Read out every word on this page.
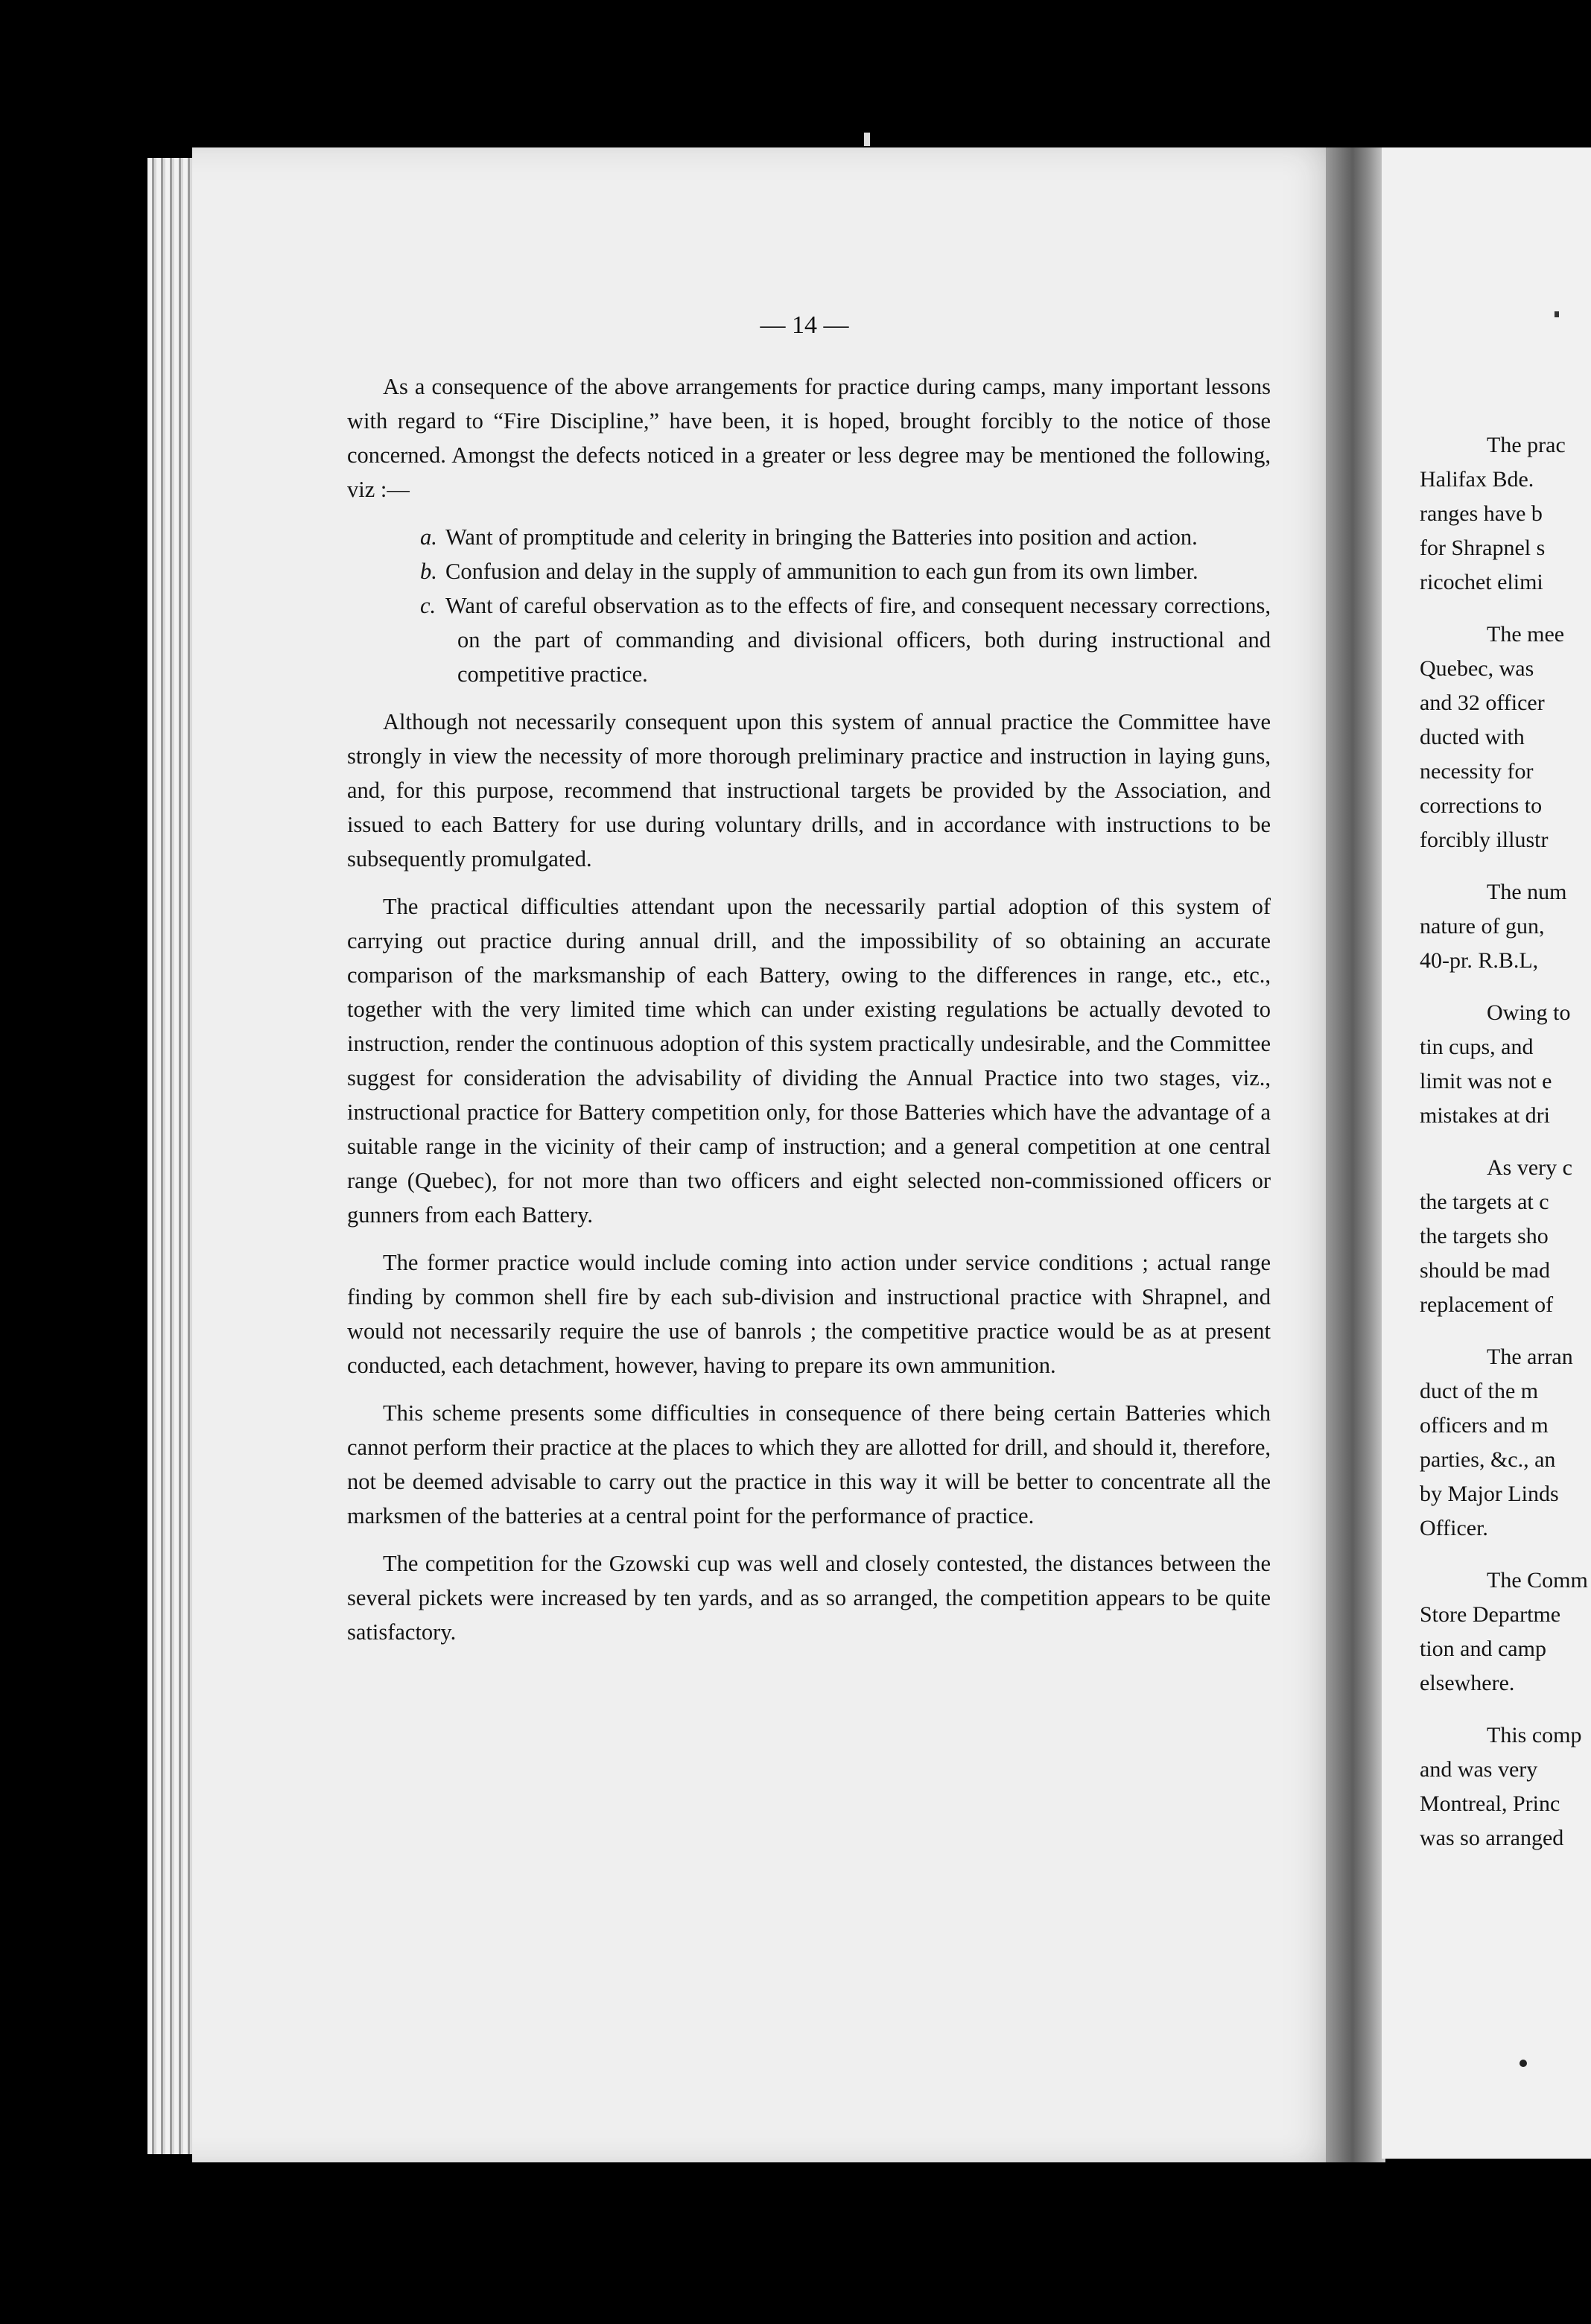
— 14 —

As a consequence of the above arrangements for practice during camps, many important lessons with regard to “Fire Discipline,” have been, it is hoped, brought forcibly to the notice of those concerned. Amongst the defects noticed in a greater or less degree may be mentioned the following, viz :—

a. Want of promptitude and celerity in bringing the Batteries into position and action.

b. Confusion and delay in the supply of ammunition to each gun from its own limber.

c. Want of careful observation as to the effects of fire, and consequent necessary corrections, on the part of commanding and divisional officers, both during instructional and competitive practice.

Although not necessarily consequent upon this system of annual practice the Committee have strongly in view the necessity of more thorough preliminary practice and instruction in laying guns, and, for this purpose, recommend that instructional targets be provided by the Association, and issued to each Battery for use during voluntary drills, and in accordance with instructions to be subsequently promulgated.

The practical difficulties attendant upon the necessarily partial adoption of this system of carrying out practice during annual drill, and the impossibility of so obtaining an accurate comparison of the marksmanship of each Battery, owing to the differences in range, etc., etc., together with the very limited time which can under existing regulations be actually devoted to instruction, render the continuous adoption of this system practically undesirable, and the Committee suggest for consideration the advisability of dividing the Annual Practice into two stages, viz., instructional practice for Battery competition only, for those Batteries which have the advantage of a suitable range in the vicinity of their camp of instruction; and a general competition at one central range (Quebec), for not more than two officers and eight selected non-commissioned officers or gunners from each Battery.

The former practice would include coming into action under service conditions ; actual range finding by common shell fire by each sub-division and instructional practice with Shrapnel, and would not necessarily require the use of banrols ; the competitive practice would be as at present conducted, each detachment, however, having to prepare its own ammunition.

This scheme presents some difficulties in consequence of there being certain Batteries which cannot perform their practice at the places to which they are allotted for drill, and should it, therefore, not be deemed advisable to carry out the practice in this way it will be better to concentrate all the marksmen of the batteries at a central point for the performance of practice.

The competition for the Gzowski cup was well and closely contested, the distances between the several pickets were increased by ten yards, and as so arranged, the competition appears to be quite satisfactory.

The prac
Halifax Bde.
ranges have b
for Shrapnel s
ricochet elimi
The mee
Quebec, was
and 32 officer
ducted with
necessity for
corrections to
forcibly illustr
The num
nature of gun,
40-pr. R.B.L,
Owing to
tin cups, and
limit was not e
mistakes at dri
As very c
the targets at c
the targets sho
should be mad
replacement of
The arran
duct of the m
officers and m
parties, &c., an
by Major Linds
Officer.
The Comm
Store Departme
tion and camp
elsewhere.
This comp
and was very
Montreal, Princ
was so arranged
